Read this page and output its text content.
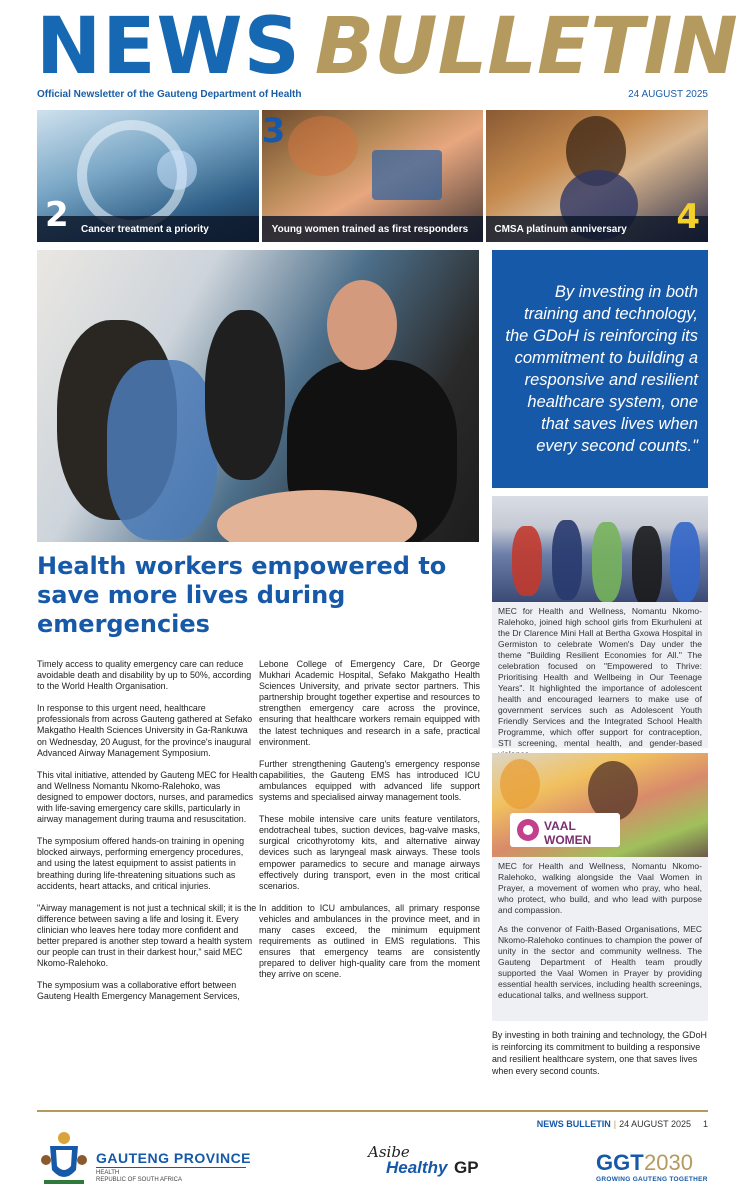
NEWS BULLETIN
Official Newsletter of the Gauteng Department of Health	24 AUGUST 2025
2 Cancer treatment a priority
3
Young women trained as first responders	CMSA platinum anniversary 4
By investing in both training and technology, the GDoH is reinforcing its commitment to building a responsive and resilient healthcare system, one that saves lives when every second counts."
Health workers empowered to save more lives during emergencies

Timely access to quality emergency care can reduce avoidable death and disability by up to 50%, according to the World Health Organisation.

In response to this urgent need, healthcare professionals from across Gauteng gathered at Sefako Makgatho Health Sciences University in Ga-Rankuwa on Wednesday, 20 August, for the province's inaugural Advanced Airway Management Symposium.

This vital initiative, attended by Gauteng MEC for Health and Wellness Nomantu Nkomo-Ralehoko, was designed to empower doctors, nurses, and paramedics with life-saving emergency care skills, particularly in airway management during trauma and resuscitation.

The symposium offered hands-on training in opening blocked airways, performing emergency procedures, and using the latest equipment to assist patients in breathing during life-threatening situations such as accidents, heart attacks, and critical injuries.

"Airway management is not just a technical skill; it is the difference between saving a life and losing it. Every clinician who leaves here today more confident and better prepared is another step toward a health system our people can trust in their darkest hour," said MEC Nkomo-Ralehoko.

The symposium was a collaborative effort between Gauteng Health Emergency Management Services,

Lebone College of Emergency Care, Dr George Mukhari Academic Hospital, Sefako Makgatho Health Sciences University, and private sector partners. This partnership brought together expertise and resources to strengthen emergency care across the province, ensuring that healthcare workers remain equipped with the latest techniques and research in a safe, practical environment.

Further strengthening Gauteng's emergency response capabilities, the Gauteng EMS has introduced ICU ambulances equipped with advanced life support systems and specialised airway management tools.

These mobile intensive care units feature ventilators, endotracheal tubes, suction devices, bag-valve masks, surgical cricothyrotomy kits, and alternative airway devices such as laryngeal mask airways. These tools empower paramedics to secure and manage airways effectively during transport, even in the most critical scenarios.

In addition to ICU ambulances, all primary response vehicles and ambulances in the province meet, and in many cases exceed, the minimum equipment requirements as outlined in EMS regulations. This ensures that emergency teams are consistently prepared to deliver high-quality care from the moment they arrive on scene.

MEC for Health and Wellness, Nomantu Nkomo-Ralehoko, joined high school girls from Ekurhuleni at the Dr Clarence Mini Hall at Bertha Gxowa Hospital in Germiston to celebrate Women's Day under the theme "Building Resilient Economies for All." The celebration focused on "Empowered to Thrive: Prioritising Health and Wellbeing in Our Teenage Years". It highlighted the importance of adolescent health and encouraged learners to make use of government services such as Adolescent Youth Friendly Services and the Integrated School Health Programme, which offer support for contraception, STI screening, mental health, and gender-based

VAAL WOMEN

MEC for Health and Wellness, Nomantu Nkomo-Ralehoko, walking alongside the Vaal Women in Prayer, a movement of women who pray, who heal, who protect, who build, and who lead with purpose and compassion.

As the convenor of Faith-Based Organisations, MEC Nkomo-Ralehoko continues to champion the power of unity in the sector and community wellness. The Gauteng Department of Health team proudly supported the Vaal Women in Prayer by providing essential health services, including health screenings, educational talks, and wellness support.

By investing in both training and technology, the GDoH is reinforcing its commitment to building a responsive and resilient healthcare system, one that saves lives when every second counts.
NEWS BULLETIN | 24 AUGUST 2025 1
GAUTENG PROVINCE
HEALTH
REPUBLIC OF SOUTH AFRICA
Asibe
Healthy GP	GGT 2030
GROWING GAUTENG TOGETHER
